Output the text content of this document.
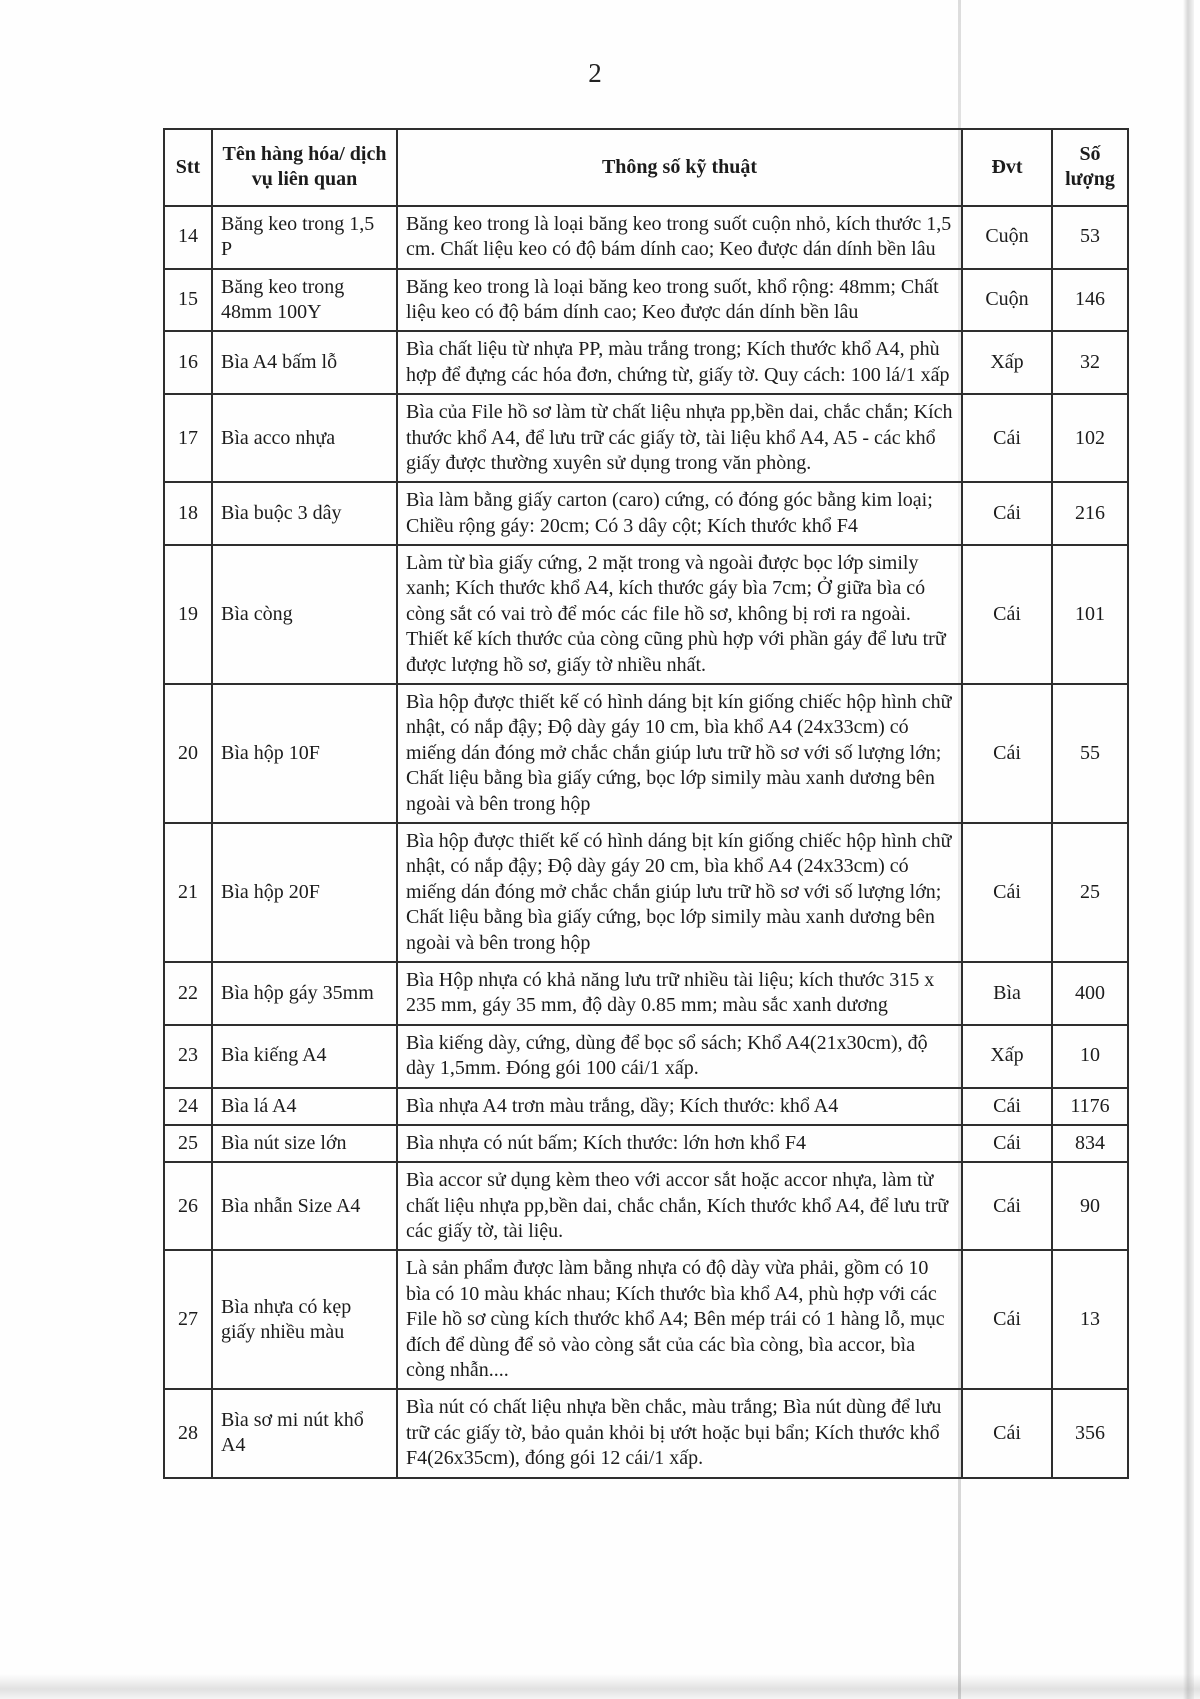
2
Stt	Tên hàng hóa/ dịch vụ liên quan	Thông số kỹ thuật	Đvt	Số lượng
14	Băng keo trong 1,5 P	Băng keo trong là loại băng keo trong suốt cuộn nhỏ, kích thước 1,5 cm. Chất liệu keo có độ bám dính cao; Keo được dán dính bền lâu	Cuộn	53
15	Băng keo trong 48mm 100Y	Băng keo trong là loại băng keo trong suốt, khổ rộng: 48mm; Chất liệu keo có độ bám dính cao; Keo được dán dính bền lâu	Cuộn	146
16	Bìa A4 bấm lỗ	Bìa chất liệu từ nhựa PP, màu trắng trong; Kích thước khổ A4, phù hợp để đựng các hóa đơn, chứng từ, giấy tờ. Quy cách: 100 lá/1 xấp	Xấp	32
17	Bìa acco nhựa	Bìa của File hồ sơ làm từ chất liệu nhựa pp,bền dai, chắc chắn; Kích thước khổ A4, để lưu trữ các giấy tờ, tài liệu khổ A4, A5 - các khổ giấy được thường xuyên sử dụng trong văn phòng.	Cái	102
18	Bìa buộc 3 dây	Bìa làm bằng giấy carton (caro) cứng, có đóng góc bằng kim loại; Chiều rộng gáy: 20cm; Có 3 dây cột; Kích thước khổ F4	Cái	216
19	Bìa còng	Làm từ bìa giấy cứng, 2 mặt trong và ngoài được bọc lớp simily xanh; Kích thước khổ A4, kích thước gáy bìa 7cm; Ở giữa bìa có còng sắt có vai trò để móc các file hồ sơ, không bị rơi ra ngoài. Thiết kế kích thước của còng cũng phù hợp với phần gáy để lưu trữ được lượng hồ sơ, giấy tờ nhiều nhất.	Cái	101
20	Bìa hộp 10F	Bìa hộp được thiết kế có hình dáng bịt kín giống chiếc hộp hình chữ nhật, có nắp đậy; Độ dày gáy 10 cm, bìa khổ A4 (24x33cm) có miếng dán đóng mở chắc chắn giúp lưu trữ hồ sơ với số lượng lớn; Chất liệu bằng bìa giấy cứng, bọc lớp simily màu xanh dương bên ngoài và bên trong hộp	Cái	55
21	Bìa hộp 20F	Bìa hộp được thiết kế có hình dáng bịt kín giống chiếc hộp hình chữ nhật, có nắp đậy; Độ dày gáy 20 cm, bìa khổ A4 (24x33cm) có miếng dán đóng mở chắc chắn giúp lưu trữ hồ sơ với số lượng lớn; Chất liệu bằng bìa giấy cứng, bọc lớp simily màu xanh dương bên ngoài và bên trong hộp	Cái	25
22	Bìa hộp gáy 35mm	Bìa Hộp nhựa có khả năng lưu trữ nhiều tài liệu; kích thước 315 x 235 mm, gáy 35 mm, độ dày 0.85 mm; màu sắc xanh dương	Bìa	400
23	Bìa kiếng A4	Bìa kiếng dày, cứng, dùng để bọc sổ sách; Khổ A4(21x30cm), độ dày 1,5mm. Đóng gói 100 cái/1 xấp.	Xấp	10
24	Bìa lá A4	Bìa nhựa A4 trơn màu trắng, dầy; Kích thước: khổ A4	Cái	1176
25	Bìa nút size lớn	Bìa nhựa có nút bấm; Kích thước: lớn hơn khổ F4	Cái	834
26	Bìa nhẫn Size A4	Bìa accor sử dụng kèm theo với accor sắt hoặc accor nhựa, làm từ chất liệu nhựa pp,bền dai, chắc chắn, Kích thước khổ A4, để lưu trữ các giấy tờ, tài liệu.	Cái	90
27	Bìa nhựa có kẹp giấy nhiều màu	Là sản phẩm được làm bằng nhựa có độ dày vừa phải, gồm có 10 bìa có 10 màu khác nhau; Kích thước bìa khổ A4, phù hợp với các File hồ sơ cùng kích thước khổ A4; Bên mép trái có 1 hàng lỗ, mục đích để dùng để sỏ vào còng sắt của các bìa còng, bìa accor, bìa còng nhẫn....	Cái	13
28	Bìa sơ mi nút khổ A4	Bìa nút có chất liệu nhựa bền chắc, màu trắng; Bìa nút dùng để lưu trữ các giấy tờ, bảo quản khỏi bị ướt hoặc bụi bẩn; Kích thước khổ F4(26x35cm), đóng gói 12 cái/1 xấp.	Cái	356
